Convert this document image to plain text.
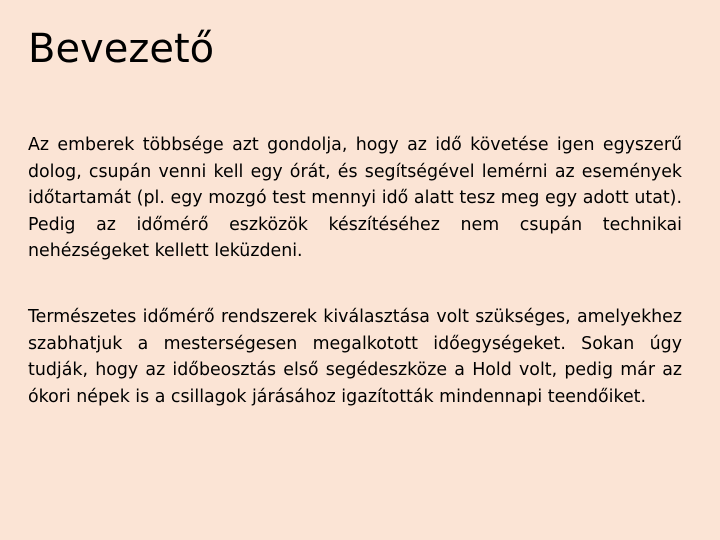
Bevezető

Az emberek többsége azt gondolja, hogy az idő követése igen egyszerű dolog, csupán venni kell egy órát, és segítségével lemérni az események időtartamát (pl. egy mozgó test mennyi idő alatt tesz meg egy adott utat). Pedig az időmérő eszközök készítéséhez nem csupán technikai nehézségeket kellett leküzdeni.

Természetes időmérő rendszerek kiválasztása volt szükséges, amelyekhez szabhatjuk a mesterségesen megalkotott időegységeket. Sokan úgy tudják, hogy az időbeosztás első segédeszköze a Hold volt, pedig már az ókori népek is a csillagok járásához igazították mindennapi teendőiket.
